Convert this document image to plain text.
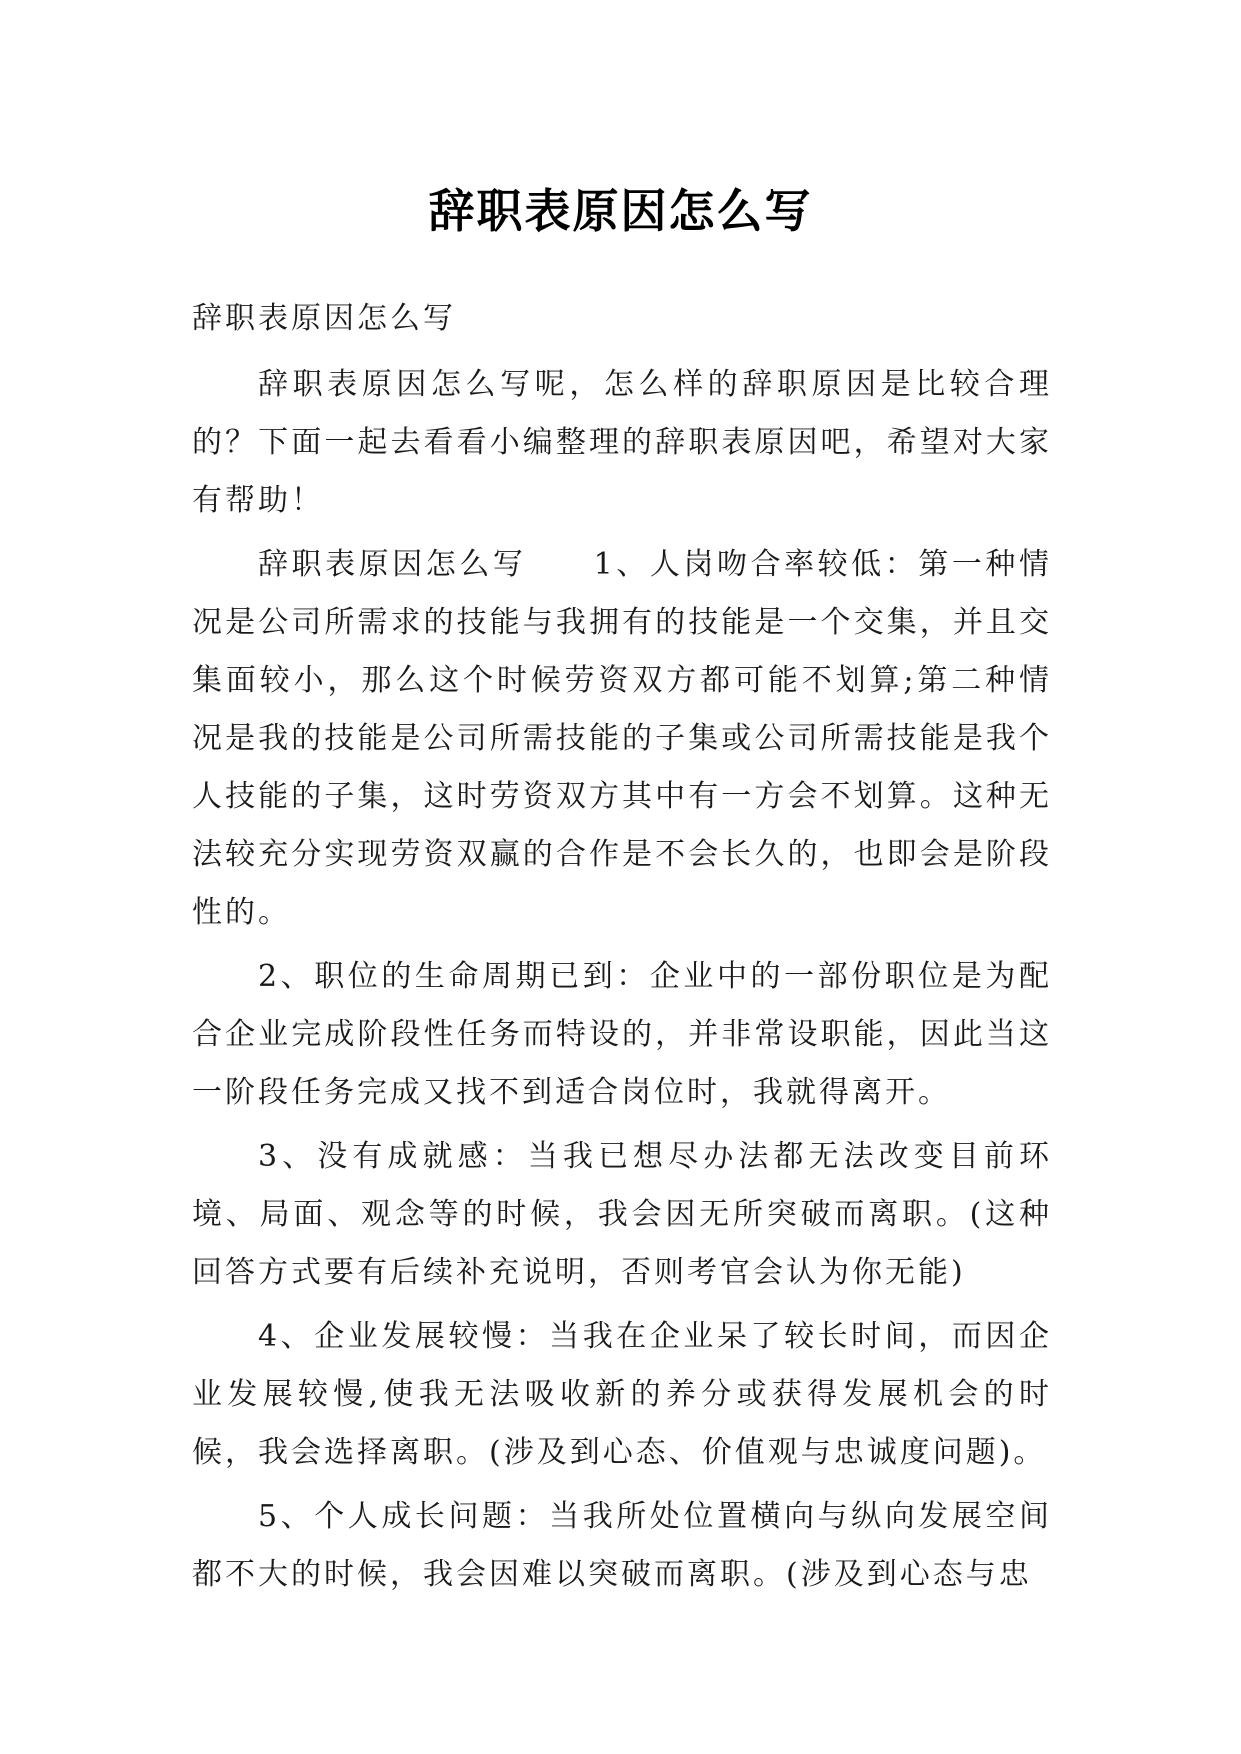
辞职表原因怎么写

辞职表原因怎么写

辞职表原因怎么写呢，怎么样的辞职原因是比较合理的？下面一起去看看小编整理的辞职表原因吧，希望对大家有帮助！

辞职表原因怎么写　　1、人岗吻合率较低：第一种情况是公司所需求的技能与我拥有的技能是一个交集，并且交集面较小，那么这个时候劳资双方都可能不划算;第二种情况是我的技能是公司所需技能的子集或公司所需技能是我个人技能的子集，这时劳资双方其中有一方会不划算。这种无法较充分实现劳资双赢的合作是不会长久的，也即会是阶段性的。

2、职位的生命周期已到：企业中的一部份职位是为配合企业完成阶段性任务而特设的，并非常设职能，因此当这一阶段任务完成又找不到适合岗位时，我就得离开。

3、没有成就感：当我已想尽办法都无法改变目前环境、局面、观念等的时候，我会因无所突破而离职。(这种回答方式要有后续补充说明，否则考官会认为你无能)

4、企业发展较慢：当我在企业呆了较长时间，而因企业发展较慢,使我无法吸收新的养分或获得发展机会的时候，我会选择离职。(涉及到心态、价值观与忠诚度问题)。

5、个人成长问题：当我所处位置横向与纵向发展空间都不大的时候，我会因难以突破而离职。(涉及到心态与忠
